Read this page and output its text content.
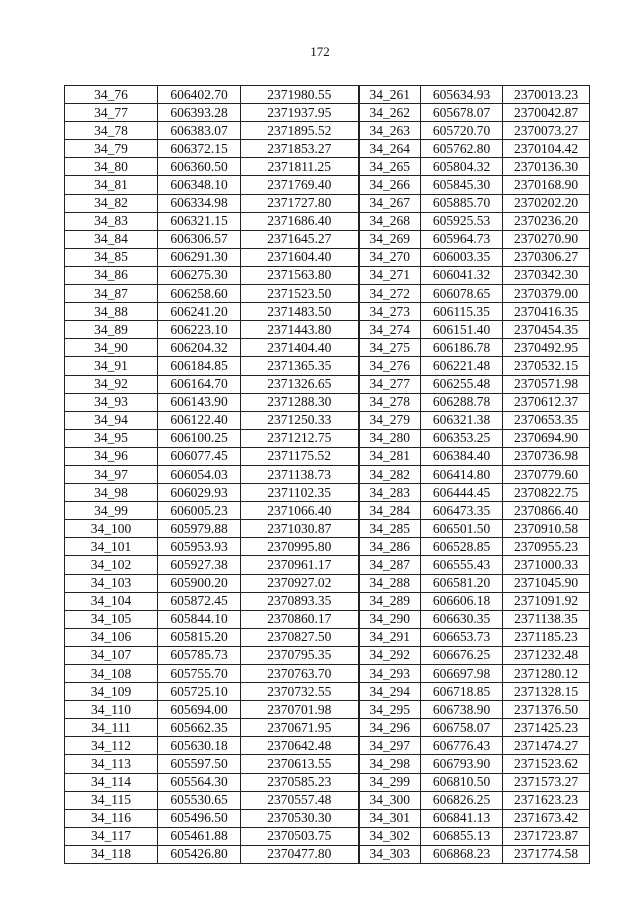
172
34_76	606402.70	2371980.55	34_261	605634.93	2370013.23
34_77	606393.28	2371937.95	34_262	605678.07	2370042.87
34_78	606383.07	2371895.52	34_263	605720.70	2370073.27
34_79	606372.15	2371853.27	34_264	605762.80	2370104.42
34_80	606360.50	2371811.25	34_265	605804.32	2370136.30
34_81	606348.10	2371769.40	34_266	605845.30	2370168.90
34_82	606334.98	2371727.80	34_267	605885.70	2370202.20
34_83	606321.15	2371686.40	34_268	605925.53	2370236.20
34_84	606306.57	2371645.27	34_269	605964.73	2370270.90
34_85	606291.30	2371604.40	34_270	606003.35	2370306.27
34_86	606275.30	2371563.80	34_271	606041.32	2370342.30
34_87	606258.60	2371523.50	34_272	606078.65	2370379.00
34_88	606241.20	2371483.50	34_273	606115.35	2370416.35
34_89	606223.10	2371443.80	34_274	606151.40	2370454.35
34_90	606204.32	2371404.40	34_275	606186.78	2370492.95
34_91	606184.85	2371365.35	34_276	606221.48	2370532.15
34_92	606164.70	2371326.65	34_277	606255.48	2370571.98
34_93	606143.90	2371288.30	34_278	606288.78	2370612.37
34_94	606122.40	2371250.33	34_279	606321.38	2370653.35
34_95	606100.25	2371212.75	34_280	606353.25	2370694.90
34_96	606077.45	2371175.52	34_281	606384.40	2370736.98
34_97	606054.03	2371138.73	34_282	606414.80	2370779.60
34_98	606029.93	2371102.35	34_283	606444.45	2370822.75
34_99	606005.23	2371066.40	34_284	606473.35	2370866.40
34_100	605979.88	2371030.87	34_285	606501.50	2370910.58
34_101	605953.93	2370995.80	34_286	606528.85	2370955.23
34_102	605927.38	2370961.17	34_287	606555.43	2371000.33
34_103	605900.20	2370927.02	34_288	606581.20	2371045.90
34_104	605872.45	2370893.35	34_289	606606.18	2371091.92
34_105	605844.10	2370860.17	34_290	606630.35	2371138.35
34_106	605815.20	2370827.50	34_291	606653.73	2371185.23
34_107	605785.73	2370795.35	34_292	606676.25	2371232.48
34_108	605755.70	2370763.70	34_293	606697.98	2371280.12
34_109	605725.10	2370732.55	34_294	606718.85	2371328.15
34_110	605694.00	2370701.98	34_295	606738.90	2371376.50
34_111	605662.35	2370671.95	34_296	606758.07	2371425.23
34_112	605630.18	2370642.48	34_297	606776.43	2371474.27
34_113	605597.50	2370613.55	34_298	606793.90	2371523.62
34_114	605564.30	2370585.23	34_299	606810.50	2371573.27
34_115	605530.65	2370557.48	34_300	606826.25	2371623.23
34_116	605496.50	2370530.30	34_301	606841.13	2371673.42
34_117	605461.88	2370503.75	34_302	606855.13	2371723.87
34_118	605426.80	2370477.80	34_303	606868.23	2371774.58
